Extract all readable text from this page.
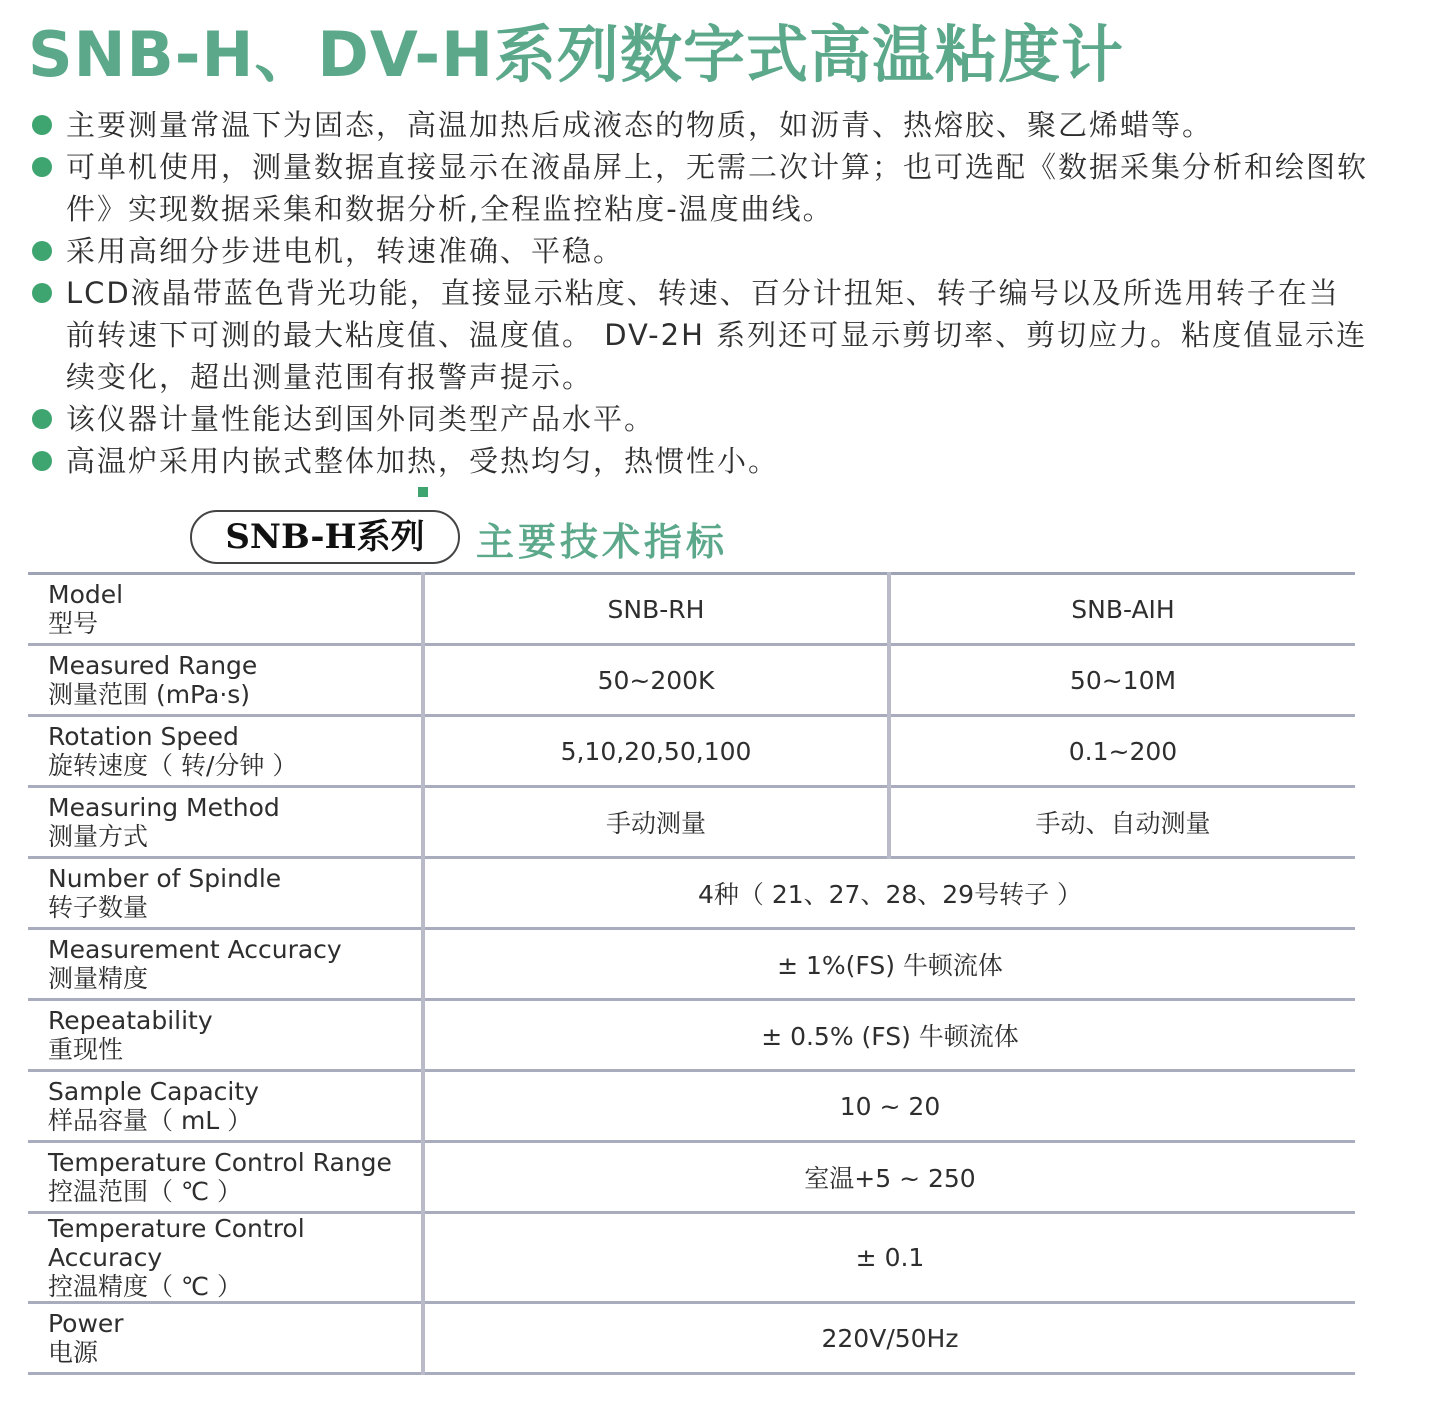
SNB-H、DV-H系列数字式高温粘度计
主要测量常温下为固态，高温加热后成液态的物质，如沥青、热熔胶、聚乙烯蜡等。
可单机使用，测量数据直接显示在液晶屏上，无需二次计算；也可选配《数据采集分析和绘图软件》实现数据采集和数据分析,全程监控粘度-温度曲线。
采用高细分步进电机，转速准确、平稳。
LCD液晶带蓝色背光功能，直接显示粘度、转速、百分计扭矩、转子编号以及所选用转子在当前转速下可测的最大粘度值、温度值。 DV-2H 系列还可显示剪切率、剪切应力。粘度值显示连续变化，超出测量范围有报警声提示。
该仪器计量性能达到国外同类型产品水平。
高温炉采用内嵌式整体加热，受热均匀，热惯性小。
SNB-H系列	主要技术指标
Model
型号	SNB-RH	SNB-AIH

Measured Range
测量范围 (mPa·s)	50~200K	50~10M

Rotation Speed
旋转速度（ 转/分钟 ）	5,10,20,50,100	0.1~200

Measuring Method
测量方式	手动测量	手动、自动测量

Number of Spindle
转子数量	4种（ 21、27、28、29号转子 ）	

Measurement Accuracy
测量精度	± 1%(FS) 牛顿流体	

Repeatability
重现性	± 0.5% (FS) 牛顿流体	

Sample Capacity
样品容量（ mL ）	10 ~ 20	

Temperature Control Range
控温范围（ ℃ ）	室温+5 ~ 250	

Temperature Control Accuracy
控温精度（ ℃ ）	± 0.1	

Power
电源	220V/50Hz	
